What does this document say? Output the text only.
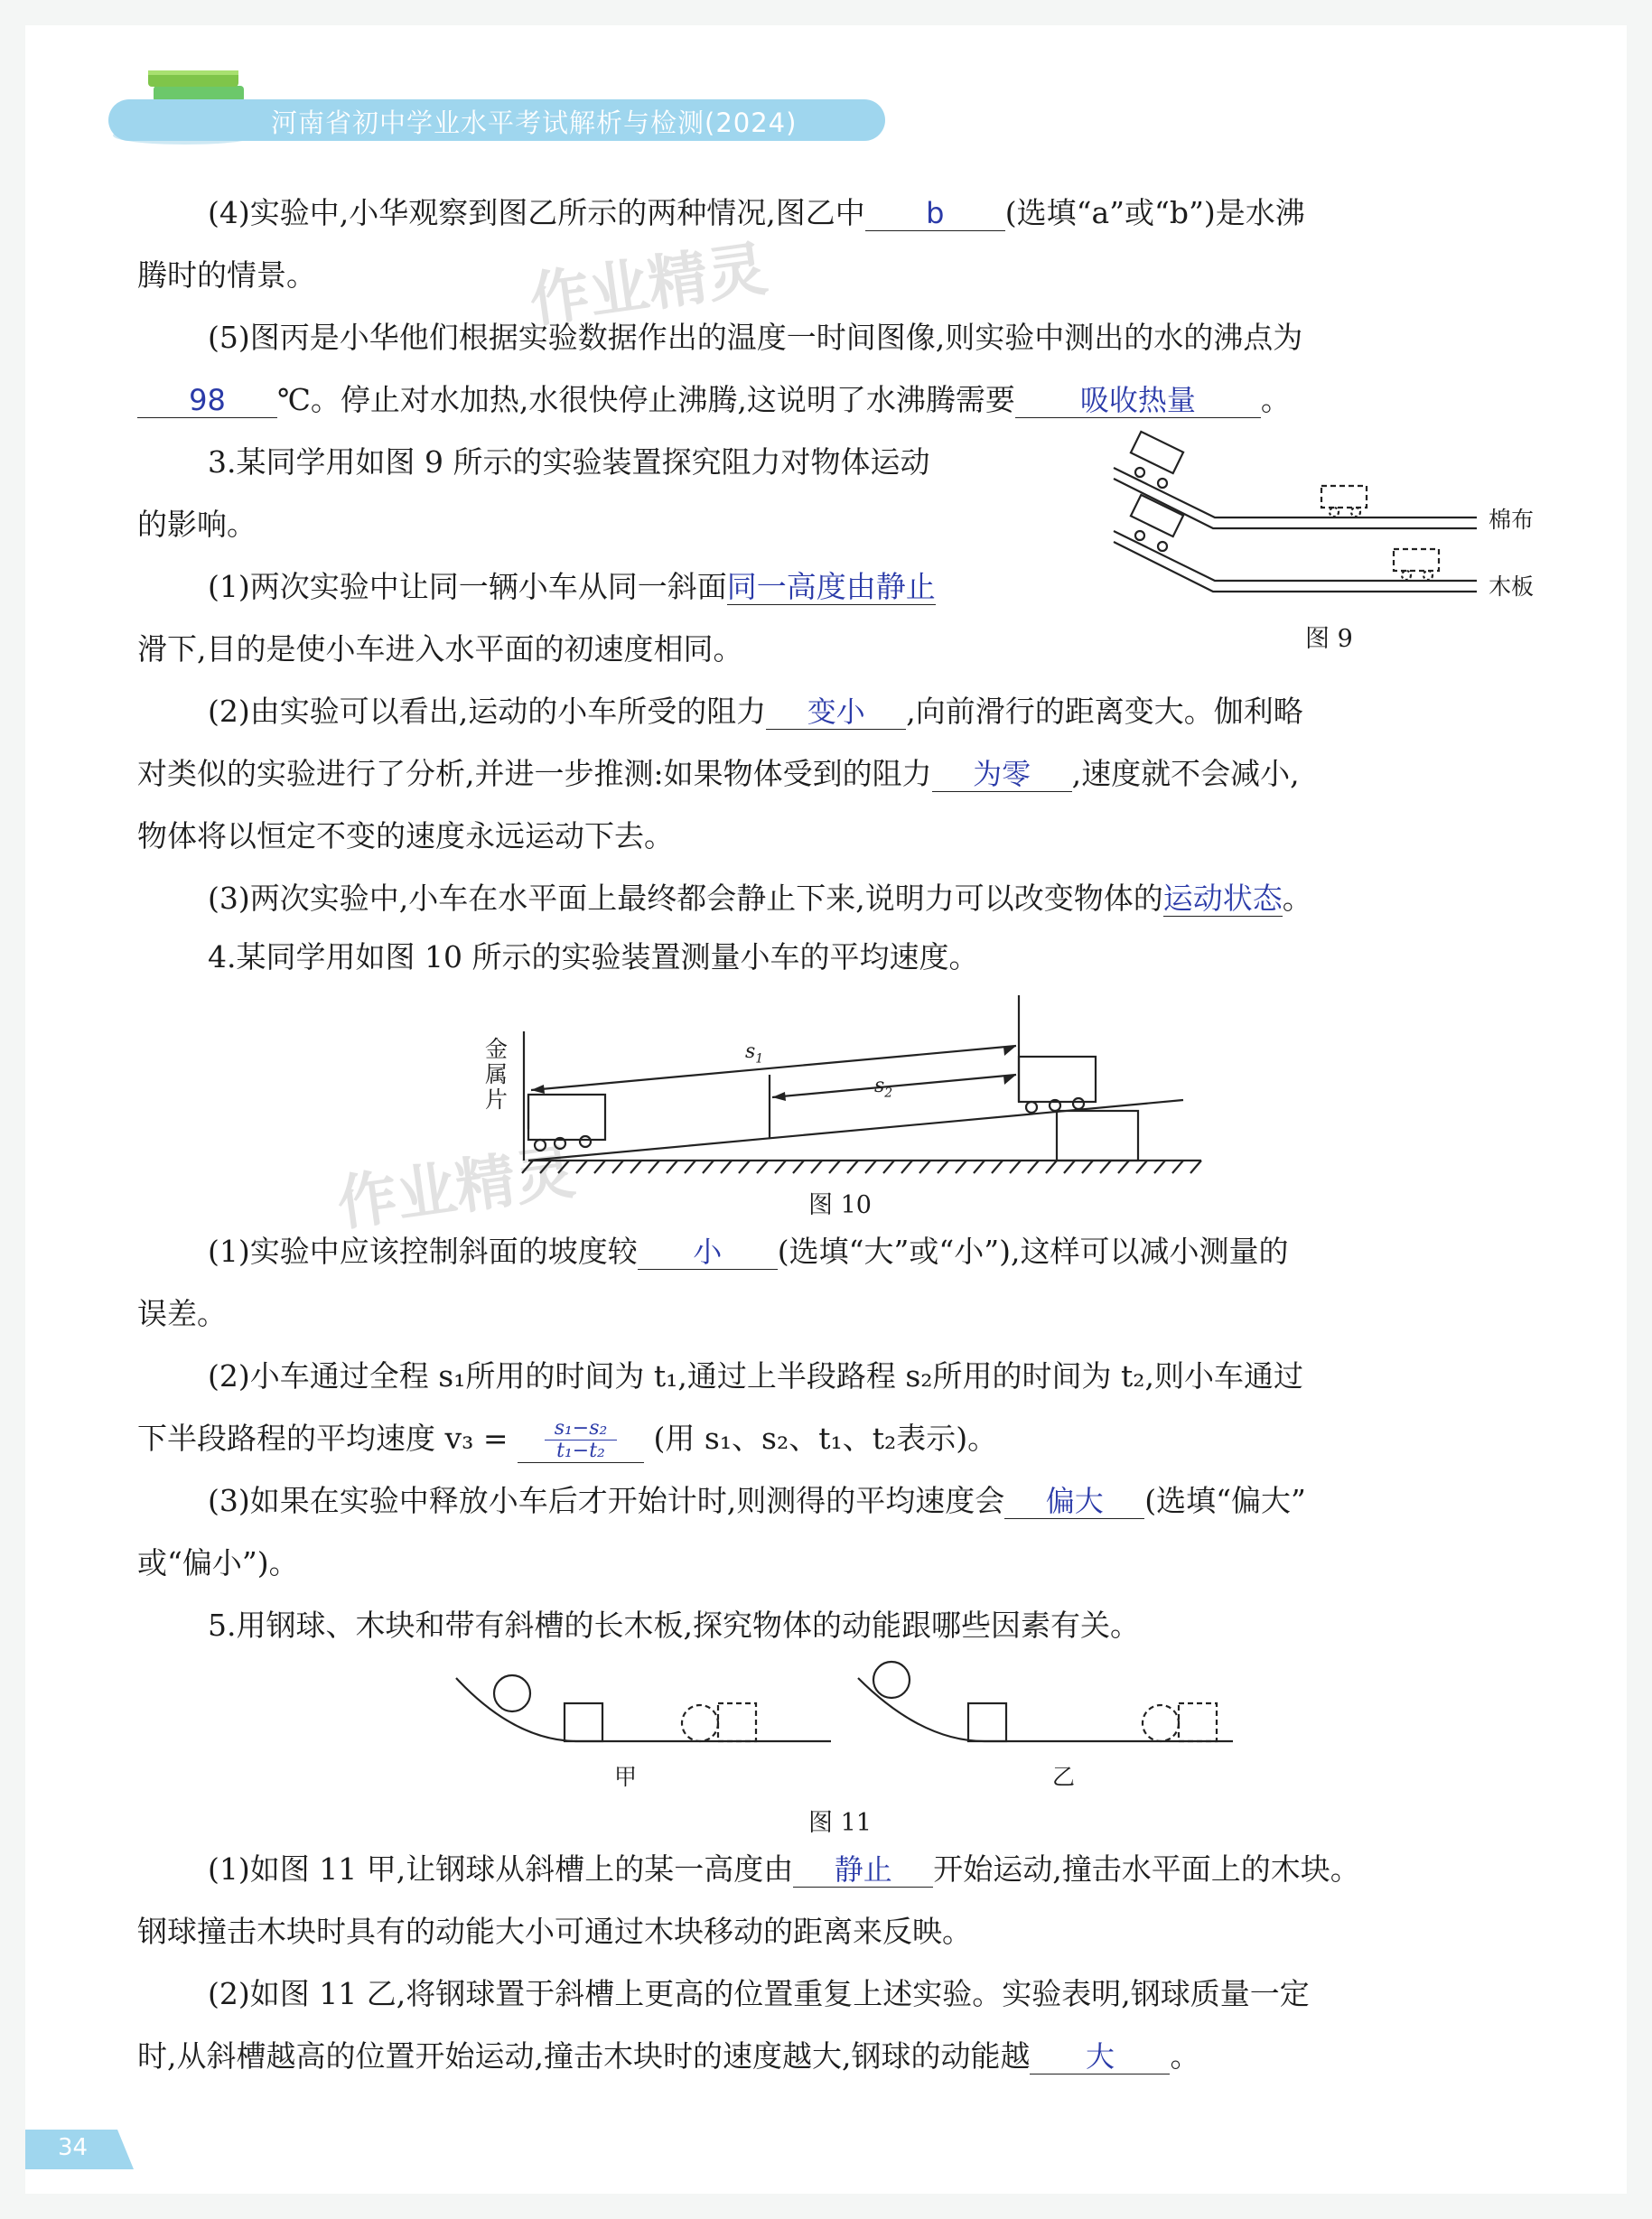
河南省初中学业水平考试解析与检测(2024)
作业精灵
作业精灵
(4)实验中,小华观察到图乙所示的两种情况,图乙中 b (选填“a”或“b”)是水沸
腾时的情景。
(5)图丙是小华他们根据实验数据作出的温度一时间图像,则实验中测出的水的沸点为
98 ℃。停止对水加热,水很快停止沸腾,这说明了水沸腾需要 吸收热量 。
3.某同学用如图 9 所示的实验装置探究阻力对物体运动
的影响。	棉布
木板
图 9
(1)两次实验中让同一辆小车从同一斜面同一高度由静止
滑下,目的是使小车进入水平面的初速度相同。
(2)由实验可以看出,运动的小车所受的阻力 变小 ,向前滑行的距离变大。伽利略
对类似的实验进行了分析,并进一步推测:如果物体受到的阻力 为零 ,速度就不会减小,
物体将以恒定不变的速度永远运动下去。
(3)两次实验中,小车在水平面上最终都会静止下来,说明力可以改变物体的运动状态。
4.某同学用如图 10 所示的实验装置测量小车的平均速度。
金
属
片
$s_1$
$s_2$
图 10
(1)实验中应该控制斜面的坡度较 小 (选填“大”或“小”),这样可以减小测量的
误差。
(2)小车通过全程 s₁所用的时间为 t₁,通过上半段路程 s₂所用的时间为 t₂,则小车通过
下半段路程的平均速度 $v_3 = \frac{\text{s₁−s₂}}{\text{t₁−t₂}}$ (用 s₁、s₂、t₁、t₂表示)。
(3)如果在实验中释放小车后才开始计时,则测得的平均速度会 偏大 (选填“偏大”
或“偏小”)。
5.用钢球、木块和带有斜槽的长木板,探究物体的动能跟哪些因素有关。
甲	乙
图 11
(1)如图 11 甲,让钢球从斜槽上的某一高度由 静止 开始运动,撞击水平面上的木块。
钢球撞击木块时具有的动能大小可通过木块移动的距离来反映。
(2)如图 11 乙,将钢球置于斜槽上更高的位置重复上述实验。实验表明,钢球质量一定
时,从斜槽越高的位置开始运动,撞击木块时的速度越大,钢球的动能越 大 。
34
